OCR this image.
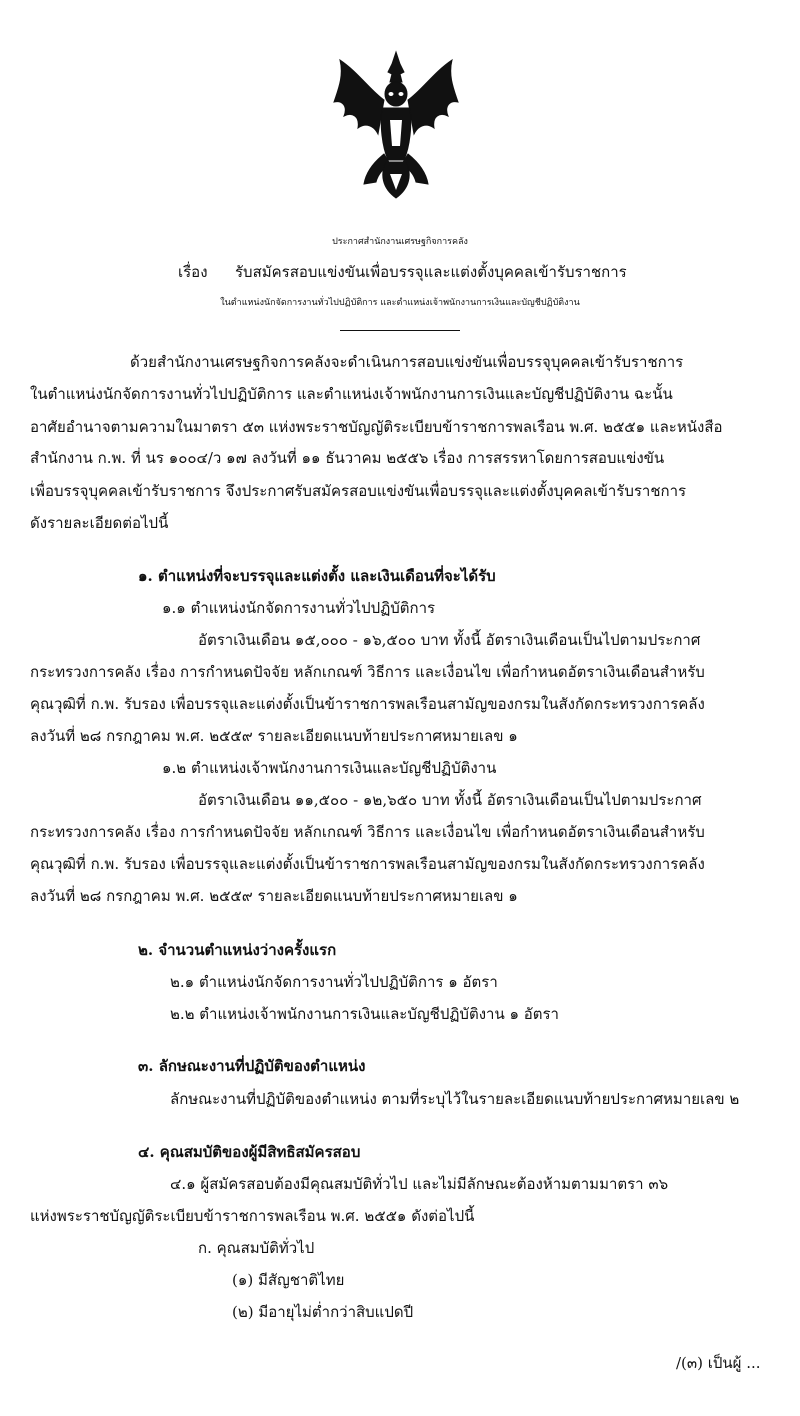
ประกาศสำนักงานเศรษฐกิจการคลัง
เรื่อง รับสมัครสอบแข่งขันเพื่อบรรจุและแต่งตั้งบุคคลเข้ารับราชการ
ในตำแหน่งนักจัดการงานทั่วไปปฏิบัติการ และตำแหน่งเจ้าพนักงานการเงินและบัญชีปฏิบัติงาน
ด้วยสำนักงานเศรษฐกิจการคลังจะดำเนินการสอบแข่งขันเพื่อบรรจุบุคคลเข้ารับราชการ
ในตำแหน่งนักจัดการงานทั่วไปปฏิบัติการ และตำแหน่งเจ้าพนักงานการเงินและบัญชีปฏิบัติงาน ฉะนั้น
อาศัยอำนาจตามความในมาตรา ๕๓ แห่งพระราชบัญญัติระเบียบข้าราชการพลเรือน พ.ศ. ๒๕๕๑ และหนังสือ
สำนักงาน ก.พ. ที่ นร ๑๐๐๔/ว ๑๗ ลงวันที่ ๑๑ ธันวาคม ๒๕๕๖ เรื่อง การสรรหาโดยการสอบแข่งขัน
เพื่อบรรจุบุคคลเข้ารับราชการ จึงประกาศรับสมัครสอบแข่งขันเพื่อบรรจุและแต่งตั้งบุคคลเข้ารับราชการ
ดังรายละเอียดต่อไปนี้
๑. ตำแหน่งที่จะบรรจุและแต่งตั้ง และเงินเดือนที่จะได้รับ
๑.๑ ตำแหน่งนักจัดการงานทั่วไปปฏิบัติการ
อัตราเงินเดือน ๑๕,๐๐๐ - ๑๖,๕๐๐ บาท ทั้งนี้ อัตราเงินเดือนเป็นไปตามประกาศ
กระทรวงการคลัง เรื่อง การกำหนดปัจจัย หลักเกณฑ์ วิธีการ และเงื่อนไข เพื่อกำหนดอัตราเงินเดือนสำหรับ
คุณวุฒิที่ ก.พ. รับรอง เพื่อบรรจุและแต่งตั้งเป็นข้าราชการพลเรือนสามัญของกรมในสังกัดกระทรวงการคลัง
ลงวันที่ ๒๘ กรกฎาคม พ.ศ. ๒๕๕๙ รายละเอียดแนบท้ายประกาศหมายเลข ๑
๑.๒ ตำแหน่งเจ้าพนักงานการเงินและบัญชีปฏิบัติงาน
อัตราเงินเดือน ๑๑,๕๐๐ - ๑๒,๖๕๐ บาท ทั้งนี้ อัตราเงินเดือนเป็นไปตามประกาศ
กระทรวงการคลัง เรื่อง การกำหนดปัจจัย หลักเกณฑ์ วิธีการ และเงื่อนไข เพื่อกำหนดอัตราเงินเดือนสำหรับ
คุณวุฒิที่ ก.พ. รับรอง เพื่อบรรจุและแต่งตั้งเป็นข้าราชการพลเรือนสามัญของกรมในสังกัดกระทรวงการคลัง
ลงวันที่ ๒๘ กรกฎาคม พ.ศ. ๒๕๕๙ รายละเอียดแนบท้ายประกาศหมายเลข ๑
๒. จำนวนตำแหน่งว่างครั้งแรก
๒.๑ ตำแหน่งนักจัดการงานทั่วไปปฏิบัติการ ๑ อัตรา
๒.๒ ตำแหน่งเจ้าพนักงานการเงินและบัญชีปฏิบัติงาน ๑ อัตรา
๓. ลักษณะงานที่ปฏิบัติของตำแหน่ง
ลักษณะงานที่ปฏิบัติของตำแหน่ง ตามที่ระบุไว้ในรายละเอียดแนบท้ายประกาศหมายเลข ๒
๔. คุณสมบัติของผู้มีสิทธิสมัครสอบ
๔.๑ ผู้สมัครสอบต้องมีคุณสมบัติทั่วไป และไม่มีลักษณะต้องห้ามตามมาตรา ๓๖
แห่งพระราชบัญญัติระเบียบข้าราชการพลเรือน พ.ศ. ๒๕๕๑ ดังต่อไปนี้
ก. คุณสมบัติทั่วไป
(๑) มีสัญชาติไทย
(๒) มีอายุไม่ต่ำกว่าสิบแปดปี
/(๓) เป็นผู้ ...
